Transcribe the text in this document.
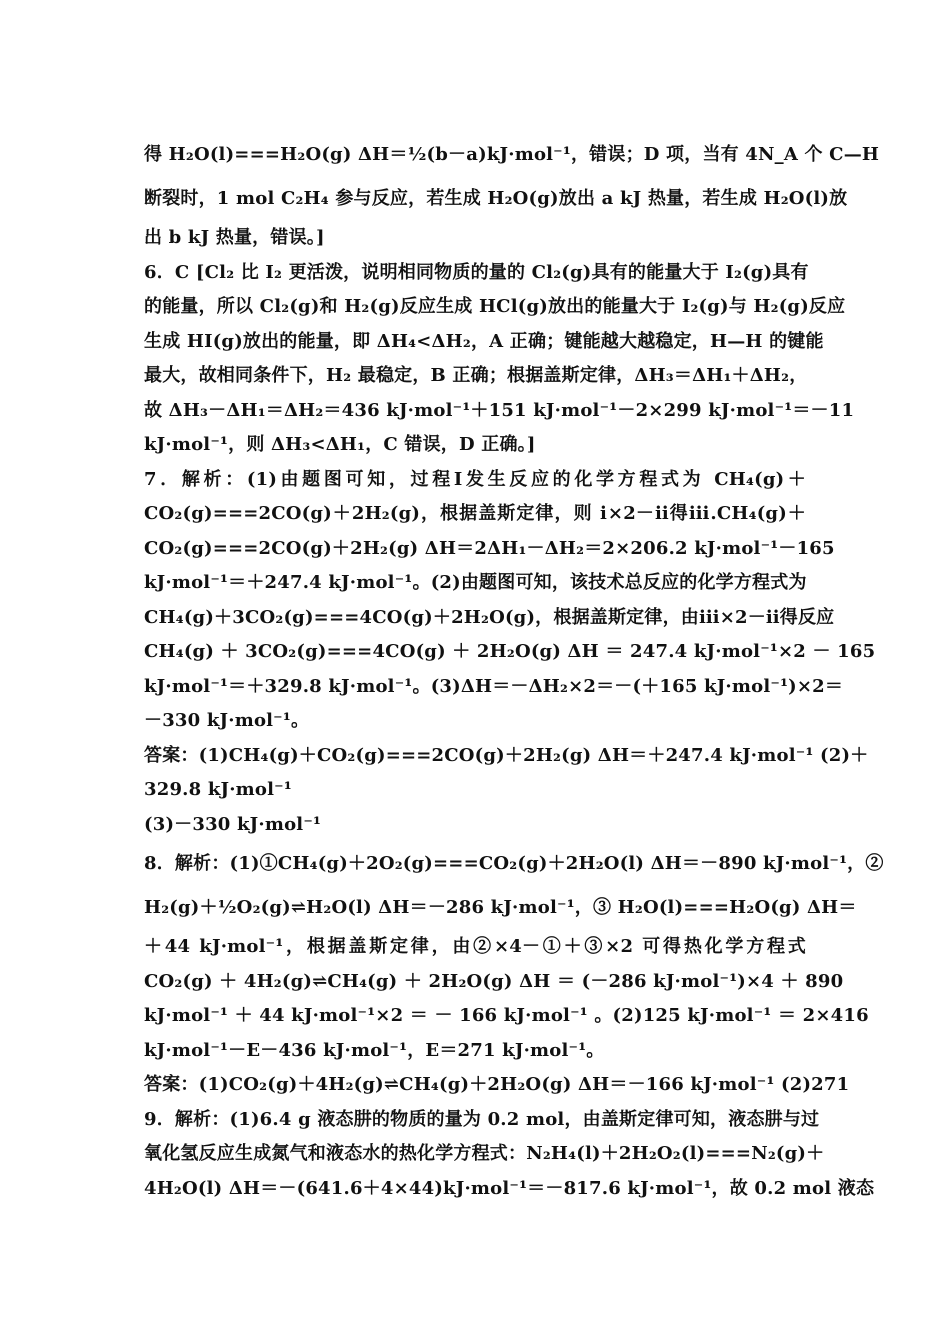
得 H₂O(l)===H₂O(g) ΔH＝½(b－a)kJ·mol⁻¹，错误；D 项，当有 4N_A 个 C—H
断裂时，1 mol C₂H₄ 参与反应，若生成 H₂O(g)放出 a kJ 热量，若生成 H₂O(l)放
出 b kJ 热量，错误。]
6．C [Cl₂ 比 I₂ 更活泼，说明相同物质的量的 Cl₂(g)具有的能量大于 I₂(g)具有
的能量，所以 Cl₂(g)和 H₂(g)反应生成 HCl(g)放出的能量大于 I₂(g)与 H₂(g)反应
生成 HI(g)放出的能量，即 ΔH₄<ΔH₂，A 正确；键能越大越稳定，H—H 的键能
最大，故相同条件下，H₂ 最稳定，B 正确；根据盖斯定律，ΔH₃＝ΔH₁＋ΔH₂，
故 ΔH₃－ΔH₁＝ΔH₂＝436 kJ·mol⁻¹＋151 kJ·mol⁻¹－2×299 kJ·mol⁻¹＝－11
kJ·mol⁻¹，则 ΔH₃<ΔH₁，C 错误，D 正确。]
7．解析：(1)由题图可知，过程Ⅰ发生反应的化学方程式为 CH₄(g)＋
CO₂(g)===2CO(g)＋2H₂(g)，根据盖斯定律，则 ⅰ×2－ⅱ得ⅲ.CH₄(g)＋
CO₂(g)===2CO(g)＋2H₂(g) ΔH＝2ΔH₁－ΔH₂＝2×206.2 kJ·mol⁻¹－165
kJ·mol⁻¹＝＋247.4 kJ·mol⁻¹。(2)由题图可知，该技术总反应的化学方程式为
CH₄(g)＋3CO₂(g)===4CO(g)＋2H₂O(g)，根据盖斯定律，由ⅲ×2－ⅱ得反应
CH₄(g) ＋ 3CO₂(g)===4CO(g) ＋ 2H₂O(g) ΔH ＝ 247.4 kJ·mol⁻¹×2 － 165
kJ·mol⁻¹＝＋329.8 kJ·mol⁻¹。(3)ΔH＝－ΔH₂×2＝－(＋165 kJ·mol⁻¹)×2＝
－330 kJ·mol⁻¹。
答案：(1)CH₄(g)＋CO₂(g)===2CO(g)＋2H₂(g) ΔH＝＋247.4 kJ·mol⁻¹ (2)＋
329.8 kJ·mol⁻¹
(3)－330 kJ·mol⁻¹
8．解析：(1)①CH₄(g)＋2O₂(g)===CO₂(g)＋2H₂O(l) ΔH＝－890 kJ·mol⁻¹，②
H₂(g)＋½O₂(g)⇌H₂O(l) ΔH＝－286 kJ·mol⁻¹，③ H₂O(l)===H₂O(g) ΔH＝
＋44 kJ·mol⁻¹，根据盖斯定律，由②×4－①＋③×2 可得热化学方程式
CO₂(g) ＋ 4H₂(g)⇌CH₄(g) ＋ 2H₂O(g) ΔH ＝ (－286 kJ·mol⁻¹)×4 ＋ 890
kJ·mol⁻¹ ＋ 44 kJ·mol⁻¹×2 ＝ － 166 kJ·mol⁻¹ 。(2)125 kJ·mol⁻¹ ＝ 2×416
kJ·mol⁻¹－E－436 kJ·mol⁻¹，E＝271 kJ·mol⁻¹。
答案：(1)CO₂(g)＋4H₂(g)⇌CH₄(g)＋2H₂O(g) ΔH＝－166 kJ·mol⁻¹ (2)271
9．解析：(1)6.4 g 液态肼的物质的量为 0.2 mol，由盖斯定律可知，液态肼与过
氧化氢反应生成氮气和液态水的热化学方程式：N₂H₄(l)＋2H₂O₂(l)===N₂(g)＋
4H₂O(l) ΔH＝－(641.6＋4×44)kJ·mol⁻¹＝－817.6 kJ·mol⁻¹，故 0.2 mol 液态
